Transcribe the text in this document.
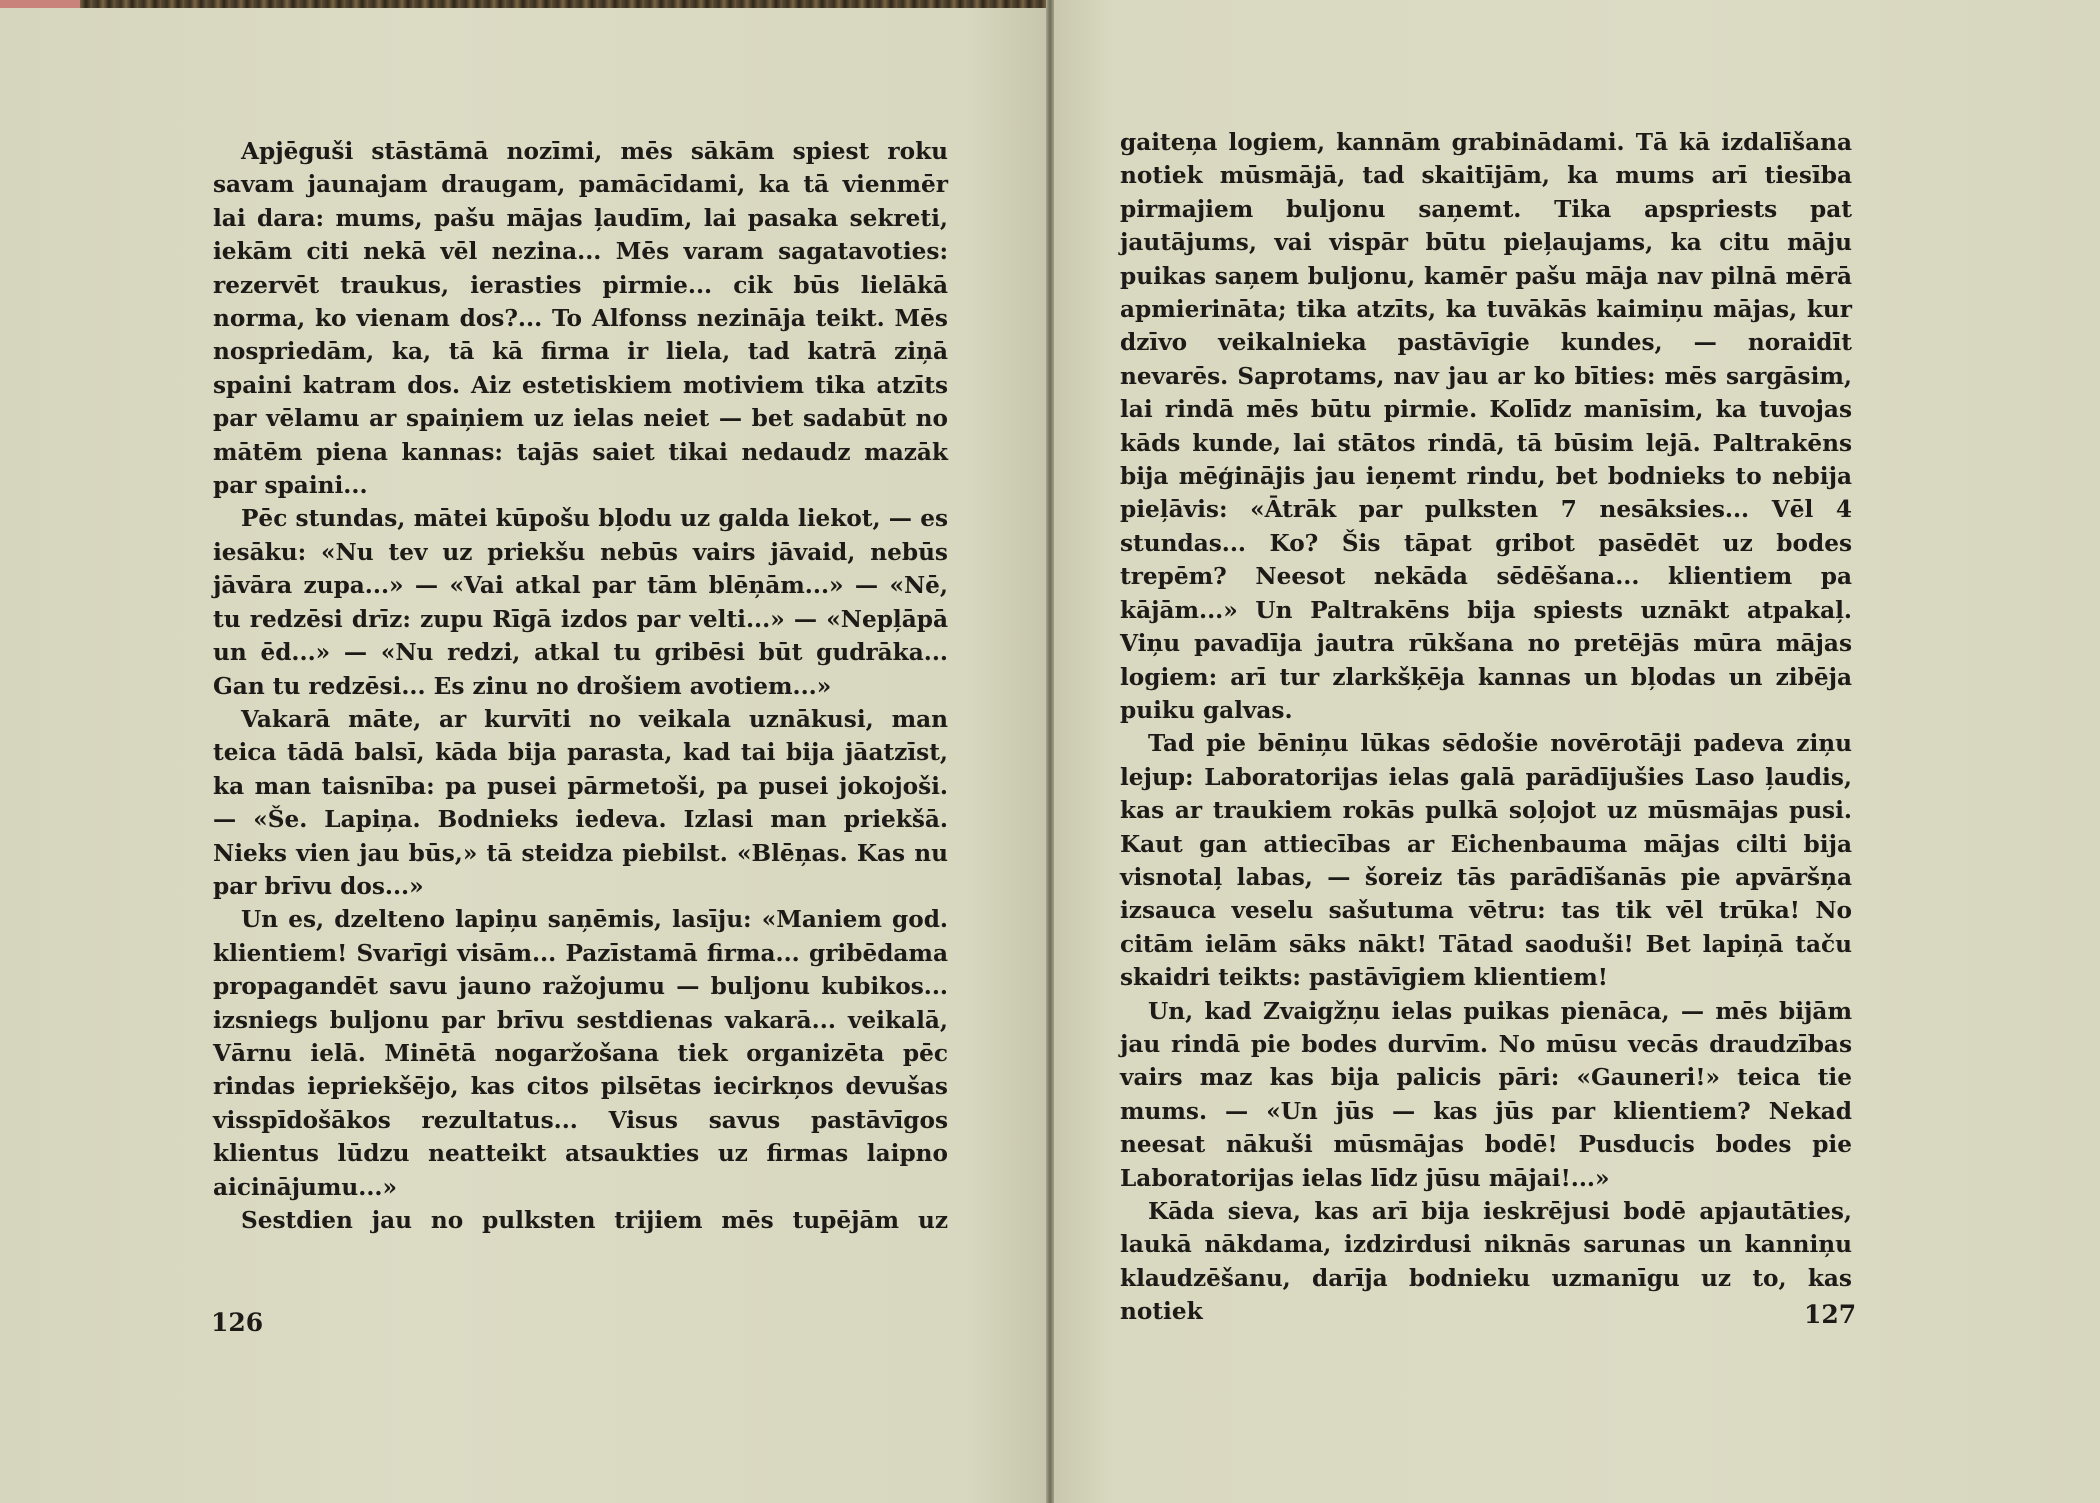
Apjēguši stāstāmā nozīmi, mēs sākām spiest roku savam jaunajam draugam, pamācīdami, ka tā vienmēr lai dara: mums, pašu mājas ļaudīm, lai pasaka sekreti, iekām citi nekā vēl nezina... Mēs varam sagatavoties: rezervēt traukus, ierasties pirmie... cik būs lielākā norma, ko vienam dos?... To Alfonss nezināja teikt. Mēs nospriedām, ka, tā kā firma ir liela, tad katrā ziņā spaini katram dos. Aiz estetiskiem motiviem tika atzīts par vēlamu ar spaiņiem uz ielas neiet — bet sadabūt no mātēm piena kannas: tajās saiet tikai nedaudz mazāk par spaini...

Pēc stundas, mātei kūpošu bļodu uz galda liekot, — es iesāku: «Nu tev uz priekšu nebūs vairs jāvaid, nebūs jāvāra zupa...» — «Vai atkal par tām blēņām...» — «Nē, tu redzēsi drīz: zupu Rīgā izdos par velti...» — «Nepļāpā un ēd...» — «Nu redzi, atkal tu gribēsi būt gudrāka... Gan tu redzēsi... Es zinu no drošiem avotiem...»

Vakarā māte, ar kurvīti no veikala uznākusi, man teica tādā balsī, kāda bija parasta, kad tai bija jāatzīst, ka man taisnība: pa pusei pārmetoši, pa pusei jokojoši. — «Še. Lapiņa. Bodnieks iedeva. Izlasi man priekšā. Nieks vien jau būs,» tā steidza piebilst. «Blēņas. Kas nu par brīvu dos...»

Un es, dzelteno lapiņu saņēmis, lasīju: «Maniem god. klientiem! Svarīgi visām... Pazīstamā firma... gribēdama propagandēt savu jauno ražojumu — buljonu kubikos... izsniegs buljonu par brīvu sestdienas vakarā... veikalā, Vārnu ielā. Minētā nogaržošana tiek organizēta pēc rindas iepriekšējo, kas citos pilsētas iecirkņos devušas visspīdošākos rezultatus... Visus savus pastāvīgos klientus lūdzu neatteikt atsaukties uz firmas laipno aicinājumu...»

Sestdien jau no pulksten trijiem mēs tupējām uz

126

gaiteņa logiem, kannām grabinādami. Tā kā izdalīšana notiek mūsmājā, tad skaitījām, ka mums arī tiesība pirmajiem buljonu saņemt. Tika apspriests pat jautājums, vai vispār būtu pieļaujams, ka citu māju puikas saņem buljonu, kamēr pašu māja nav pilnā mērā apmierināta; tika atzīts, ka tuvākās kaimiņu mājas, kur dzīvo veikalnieka pastāvīgie kundes, — noraidīt nevarēs. Saprotams, nav jau ar ko bīties: mēs sargāsim, lai rindā mēs būtu pirmie. Kolīdz manīsim, ka tuvojas kāds kunde, lai stātos rindā, tā būsim lejā. Paltrakēns bija mēģinājis jau ieņemt rindu, bet bodnieks to nebija pieļāvis: «Ātrāk par pulksten 7 nesāksies... Vēl 4 stundas... Ko? Šis tāpat gribot pasēdēt uz bodes trepēm? Neesot nekāda sēdēšana... klientiem pa kājām...» Un Paltrakēns bija spiests uznākt atpakaļ. Viņu pavadīja jautra rūkšana no pretējās mūra mājas logiem: arī tur zlarkšķēja kannas un bļodas un zibēja puiku galvas.

Tad pie bēniņu lūkas sēdošie novērotāji padeva ziņu lejup: Laboratorijas ielas galā parādījušies Laso ļaudis, kas ar traukiem rokās pulkā soļojot uz mūsmājas pusi. Kaut gan attiecības ar Eichenbauma mājas cilti bija visnotaļ labas, — šoreiz tās parādīšanās pie apvāršņa izsauca veselu sašutuma vētru: tas tik vēl trūka! No citām ielām sāks nākt! Tātad saoduši! Bet lapiņā taču skaidri teikts: pastāvīgiem klientiem!

Un, kad Zvaigžņu ielas puikas pienāca, — mēs bijām jau rindā pie bodes durvīm. No mūsu vecās draudzības vairs maz kas bija palicis pāri: «Gauneri!» teica tie mums. — «Un jūs — kas jūs par klientiem? Nekad neesat nākuši mūsmājas bodē! Pusducis bodes pie Laboratorijas ielas līdz jūsu mājai!...»

Kāda sieva, kas arī bija ieskrējusi bodē apjautāties, laukā nākdama, izdzirdusi niknās sarunas un kanniņu klaudzēšanu, darīja bodnieku uzmanīgu uz to, kas notiek	127
